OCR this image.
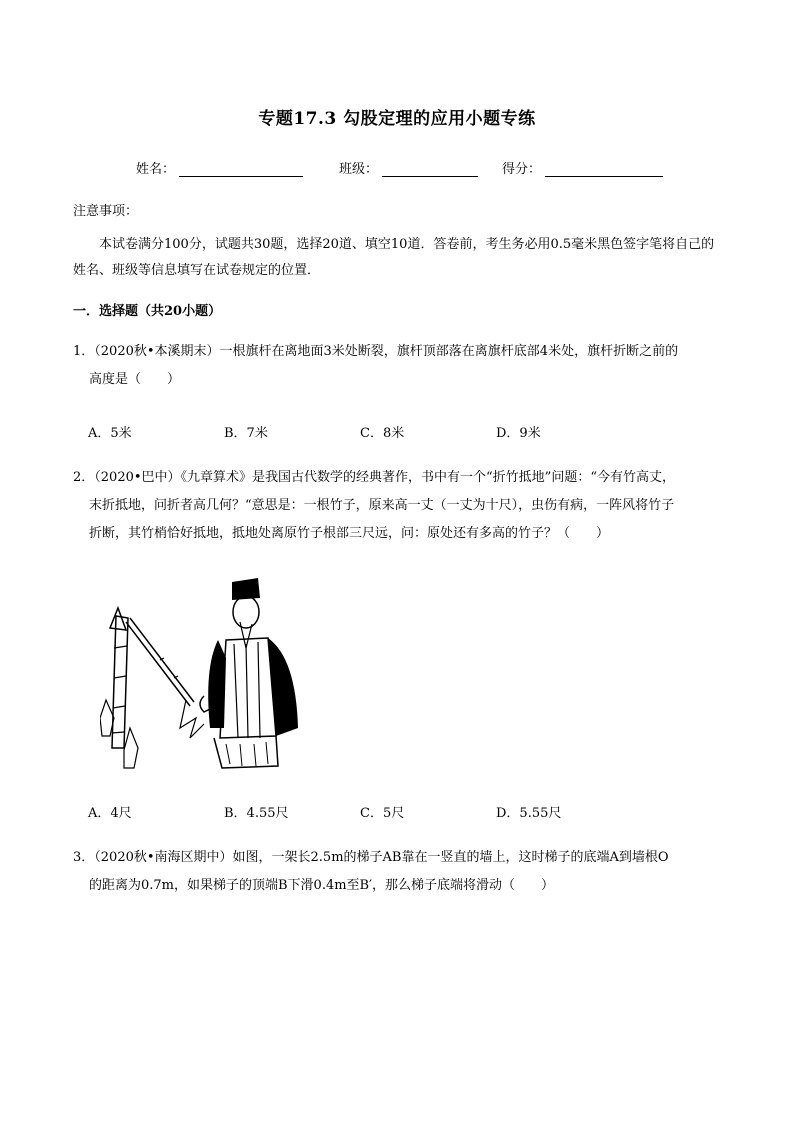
专题17.3 勾股定理的应用小题专练
姓名：	班级：	得分：
注意事项：
本试卷满分100分，试题共30题，选择20道、填空10道．答卷前，考生务必用0.5毫米黑色签字笔将自己的姓名、班级等信息填写在试卷规定的位置．
一．选择题（共20小题）
1．（2020秋•本溪期末）一根旗杆在离地面3米处断裂，旗杆顶部落在离旗杆底部4米处，旗杆折断之前的
高度是（　　）
A．5米	B．7米	C．8米	D．9米
2．（2020•巴中）《九章算术》是我国古代数学的经典著作，书中有一个“折竹抵地”问题：“今有竹高丈，
末折抵地，问折者高几何？“意思是：一根竹子，原来高一丈（一丈为十尺），虫伤有病，一阵风将竹子
折断，其竹梢恰好抵地，抵地处离原竹子根部三尺远，问：原处还有多高的竹子？（　　）
A．4尺	B．4.55尺	C．5尺	D．5.55尺
3．（2020秋•南海区期中）如图，一架长2.5m的梯子AB靠在一竖直的墙上，这时梯子的底端A到墙根O
的距离为0.7m，如果梯子的顶端B下滑0.4m至B′，那么梯子底端将滑动（　　）
